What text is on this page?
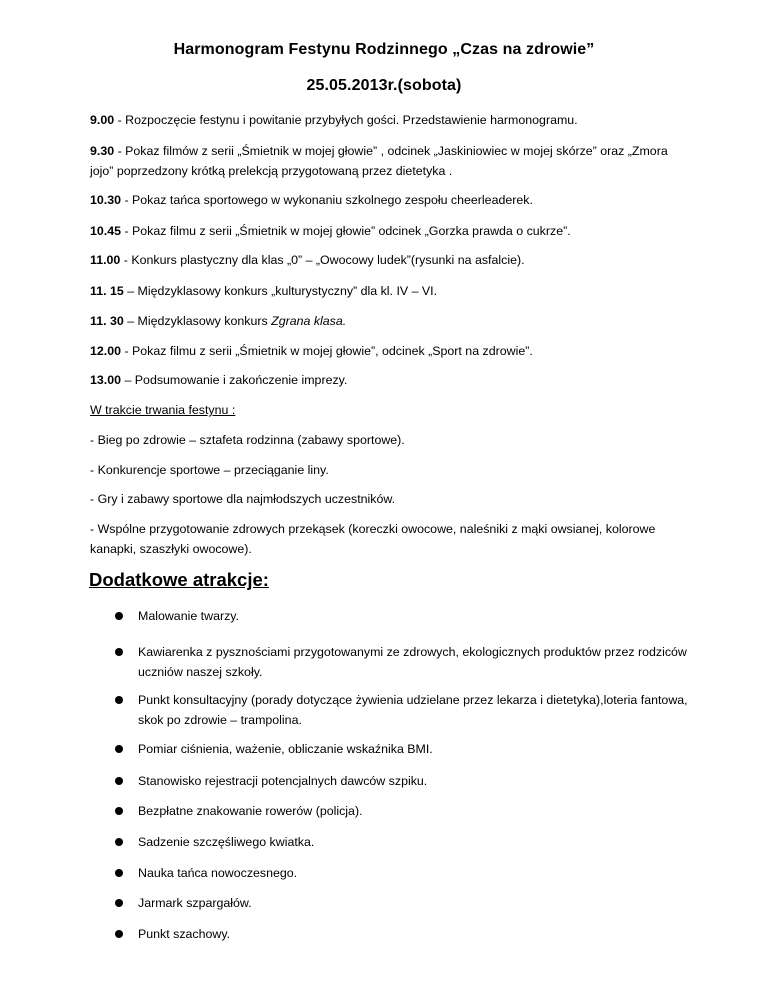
Harmonogram Festynu Rodzinnego „Czas na zdrowie”
25.05.2013r.(sobota)

9.00 - Rozpoczęcie festynu i powitanie przybyłych gości. Przedstawienie harmonogramu.

9.30 - Pokaz filmów z serii „Śmietnik w mojej głowie” , odcinek „Jaskiniowiec w mojej skórze” oraz „Zmora jojo” poprzedzony krótką prelekcją przygotowaną przez dietetyka .

10.30 - Pokaz tańca sportowego w wykonaniu szkolnego zespołu cheerleaderek.

10.45 - Pokaz filmu z serii „Śmietnik w mojej głowie” odcinek „Gorzka prawda o cukrze”.

11.00 - Konkurs plastyczny dla klas „0” – „Owocowy ludek”(rysunki na asfalcie).

11. 15 – Międzyklasowy konkurs „kulturystyczny” dla kl. IV – VI.

11. 30 – Międzyklasowy konkurs Zgrana klasa.

12.00 - Pokaz filmu z serii „Śmietnik w mojej głowie”, odcinek „Sport na zdrowie”.

13.00 – Podsumowanie i zakończenie imprezy.

W trakcie trwania festynu :

- Bieg po zdrowie – sztafeta rodzinna (zabawy sportowe).

- Konkurencje sportowe – przeciąganie liny.

- Gry i zabawy sportowe dla najmłodszych uczestników.

- Wspólne przygotowanie zdrowych przekąsek (koreczki owocowe, naleśniki z mąki owsianej, kolorowe kanapki, szaszłyki owocowe).

Dodatkowe atrakcje:

Malowanie twarzy.

Kawiarenka z pysznościami przygotowanymi ze zdrowych, ekologicznych produktów przez rodziców uczniów naszej szkoły.

Punkt konsultacyjny (porady dotyczące żywienia udzielane przez lekarza i dietetyka),loteria fantowa, skok po zdrowie – trampolina.

Pomiar ciśnienia, ważenie, obliczanie wskaźnika BMI.

Stanowisko rejestracji potencjalnych dawców szpiku.

Bezpłatne znakowanie rowerów (policja).

Sadzenie szczęśliwego kwiatka.

Nauka tańca nowoczesnego.

Jarmark szpargałów.

Punkt szachowy.
